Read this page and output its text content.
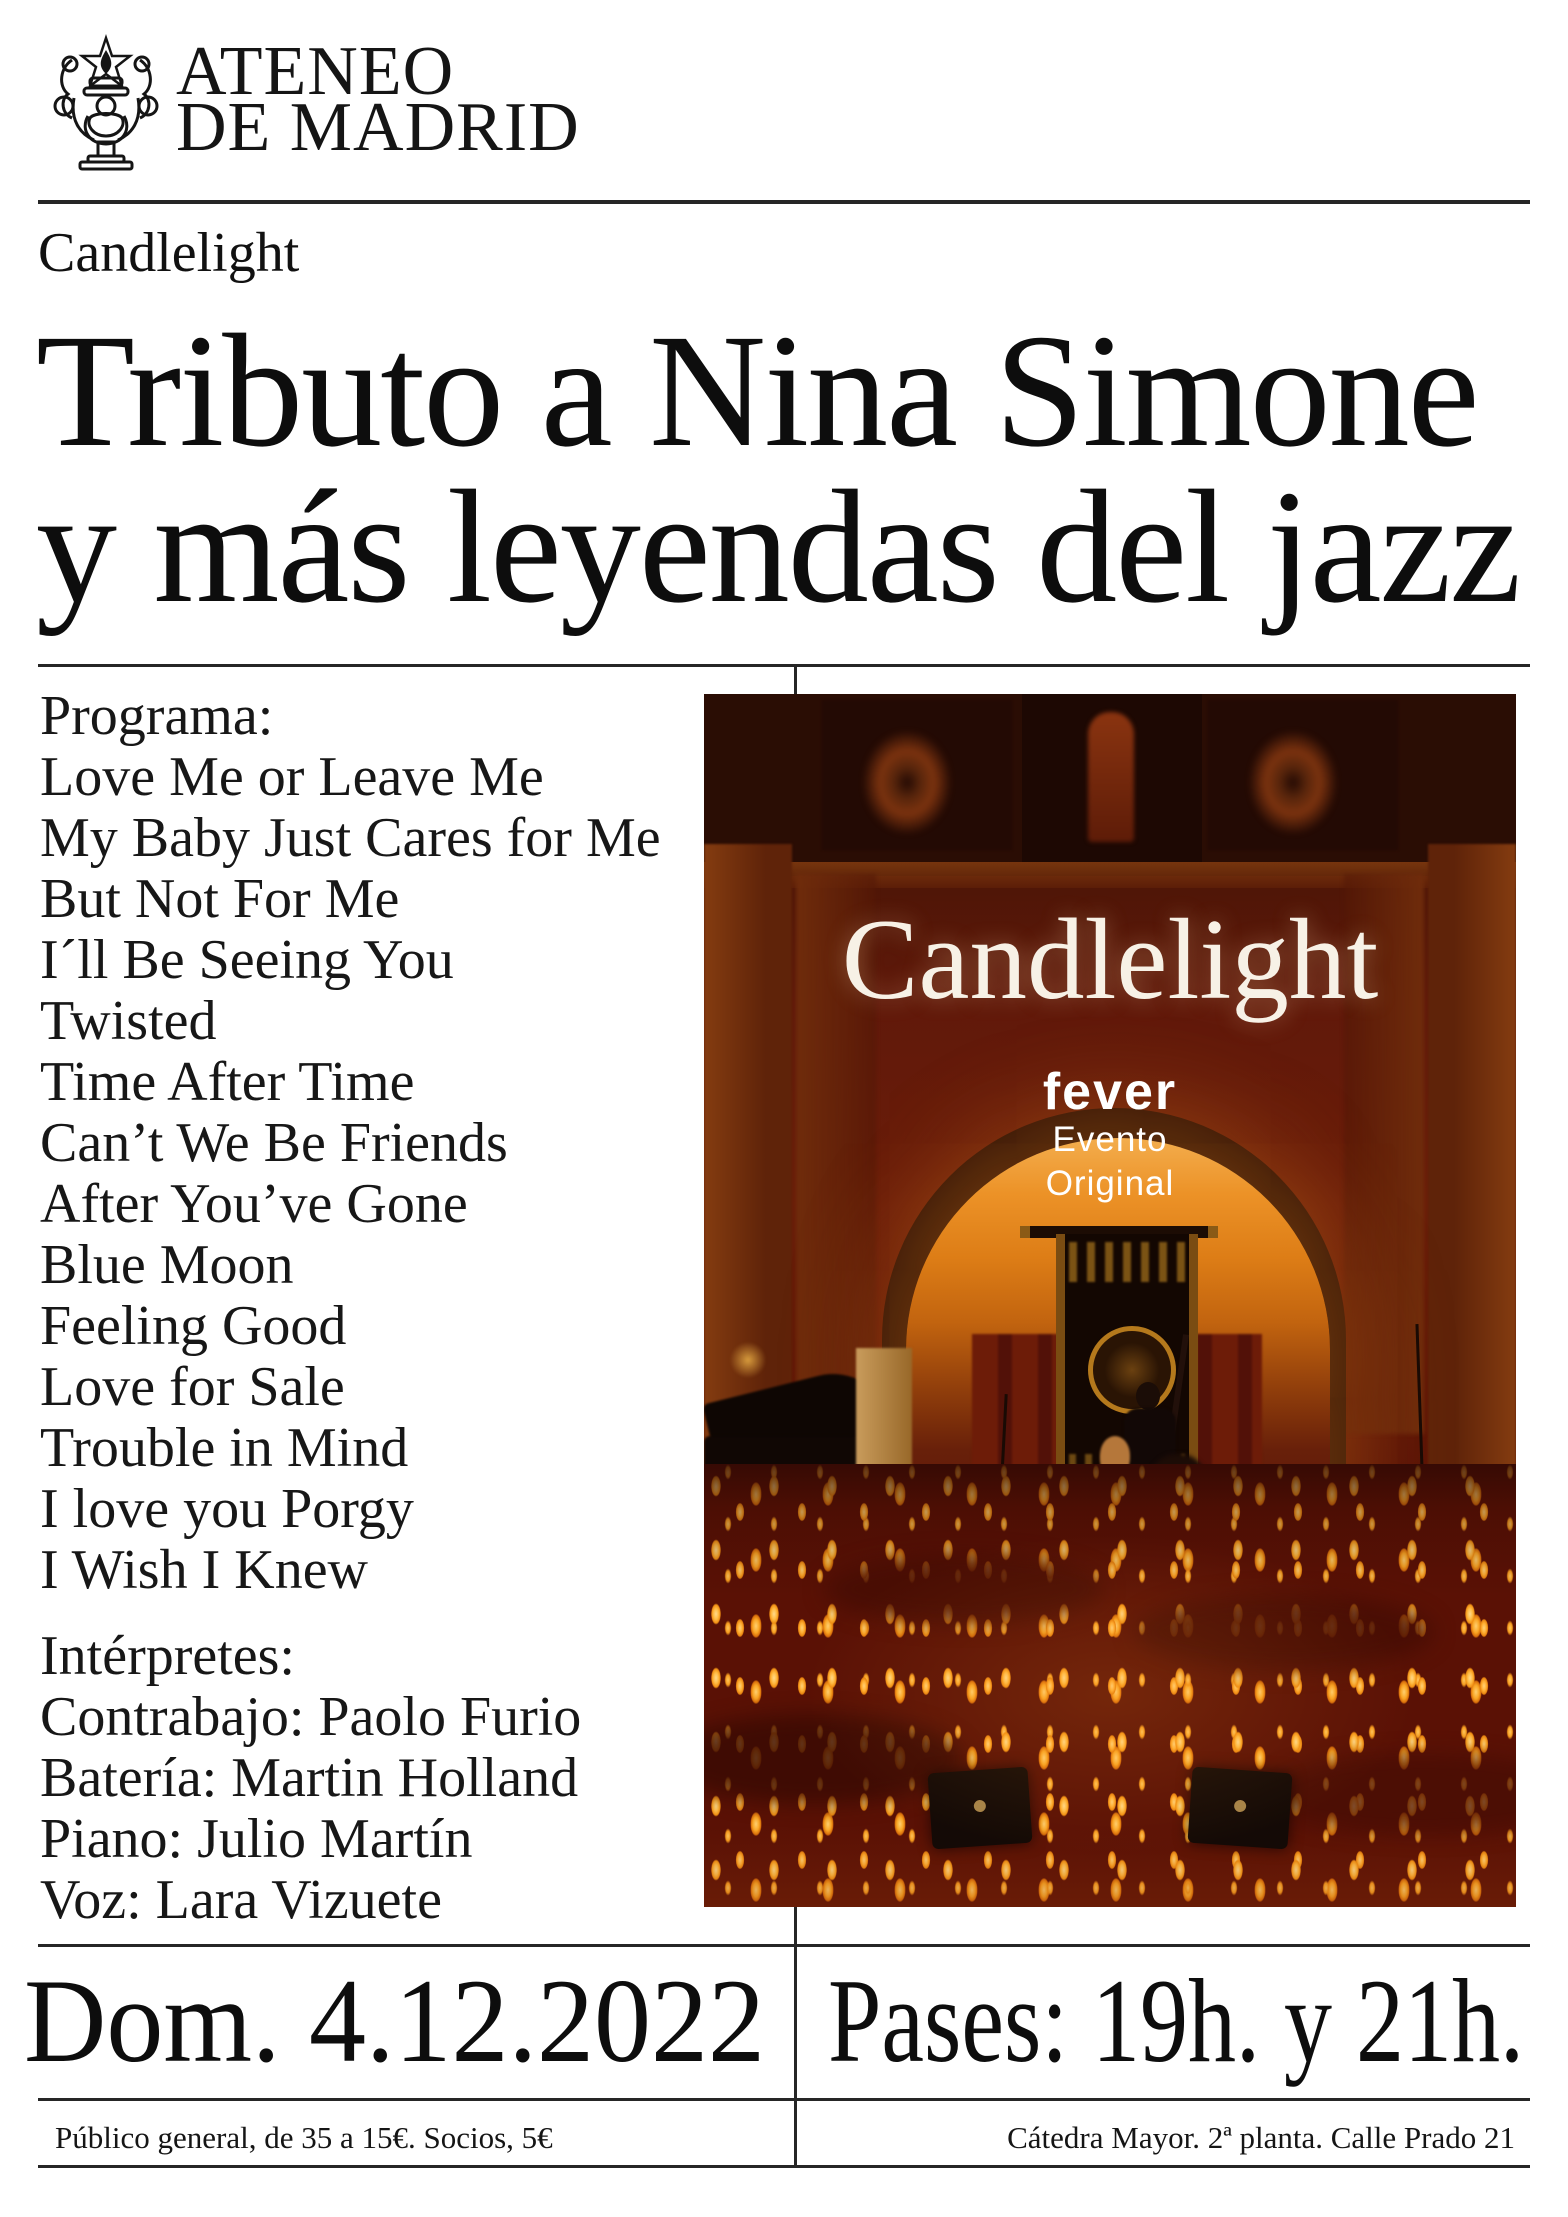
ATENEO
DE MADRID
Candlelight
Tributo a Nina Simone
y más leyendas del jazz
Programa:
Love Me or Leave Me
My Baby Just Cares for Me
But Not For Me
I´ll Be Seeing You
Twisted
Time After Time
Can’t We Be Friends
After You’ve Gone
Blue Moon
Feeling Good
Love for Sale
Trouble in Mind
I love you Porgy
I Wish I Knew
Intérpretes:
Contrabajo: Paolo Furio
Batería: Martin Holland
Piano: Julio Martín
Voz: Lara Vizuete
Candlelight
fever
Evento
Original
Dom. 4.12.2022 Pases: 19h. y 21h.
Público general, de 35 a 15€. Socios, 5€	Cátedra Mayor. 2ª planta. Calle Prado 21
